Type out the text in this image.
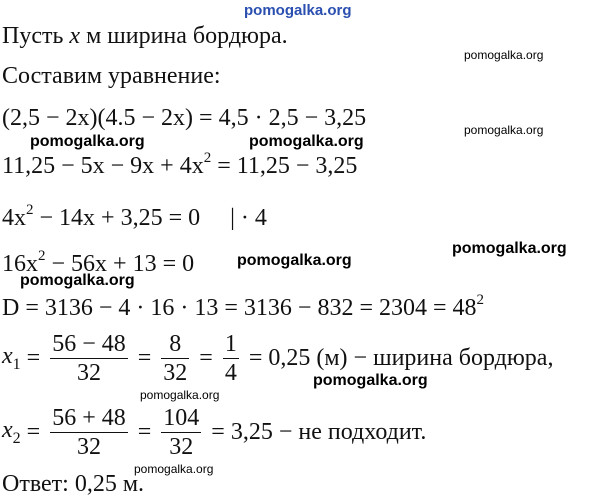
pomogalka.org
pomogalka.org
pomogalka.org	pomogalka.org
pomogalka.org
pomogalka.org
pomogalka.org
pomogalka.org
pomogalka.org
pomogalka.org
pomogalka.org
Пусть x м ширина бордюра.
Составим уравнение:
(2,5 − 2x)(4.5 − 2x) = 4,5 · 2,5 − 3,25
$11,25 - 5x - 9x + 4x^2 = 11,25 - 3,25$
$4x^2 - 14x + 3,25 = 0$     | · 4
$16x^2 - 56x + 13 = 0$
$D = 3136 - 4 \cdot 16 \cdot 13 = 3136 - 832 = 2304 = 48^2$
$x_1 = \frac{56 - 48}{32} = \frac{8}{32} = \frac{1}{4} = 0,25$ (м) − ширина бордюра,
$x_2 = \frac{56 + 48}{32} = \frac{104}{32} = 3,25$ − не подходит.
Ответ: 0,25 м.
